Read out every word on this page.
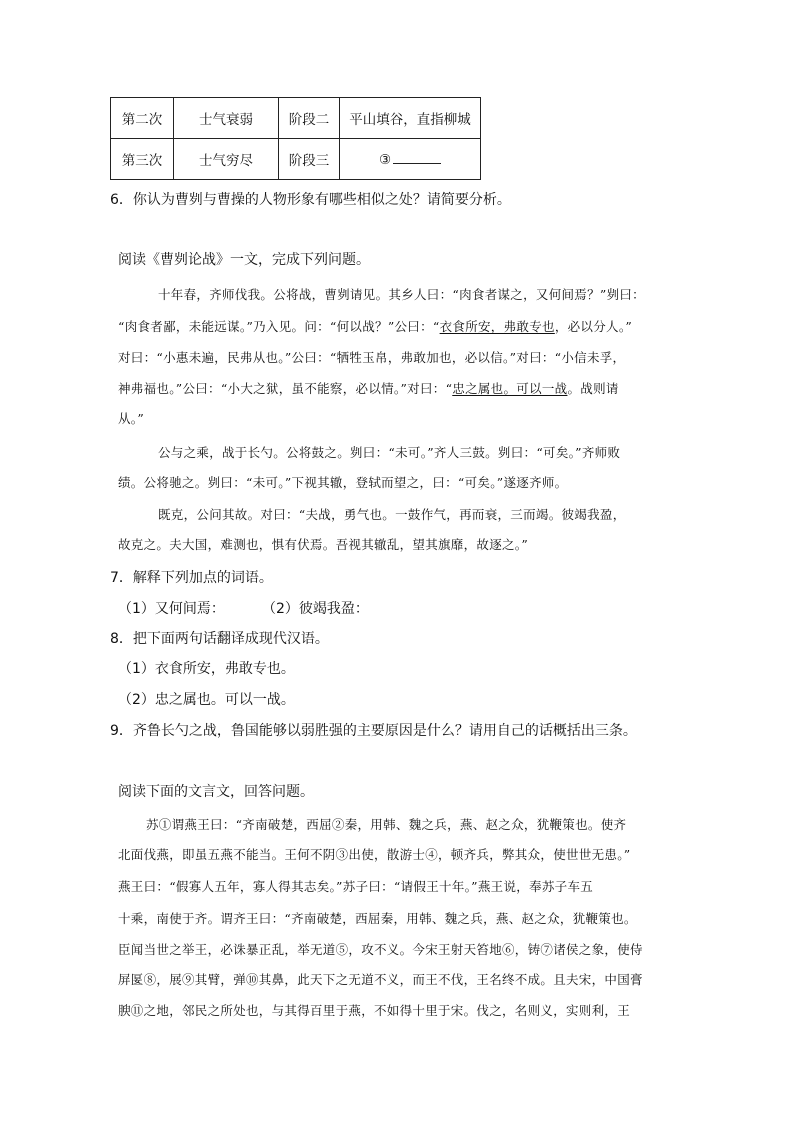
第二次	士气衰弱	阶段二	平山填谷，直指柳城
第三次	士气穷尽	阶段三	③
6．你认为曹刿与曹操的人物形象有哪些相似之处？请简要分析。
阅读《曹刿论战》一文，完成下列问题。
十年春，齐师伐我。公将战，曹刿请见。其乡人曰：“肉食者谋之，又何间焉？”刿曰：
“肉食者鄙，未能远谋。”乃入见。问：“何以战？”公曰：“衣食所安，弗敢专也，必以分人。”
对曰：“小惠未遍，民弗从也。”公曰：“牺牲玉帛，弗敢加也，必以信。”对曰：“小信未孚，
神弗福也。”公曰：“小大之狱，虽不能察，必以情。”对曰：“忠之属也。可以一战。战则请
从。”
公与之乘，战于长勺。公将鼓之。刿曰：“未可。”齐人三鼓。刿曰：“可矣。”齐师败
绩。公将驰之。刿曰：“未可。”下视其辙，登轼而望之，曰：“可矣。”遂逐齐师。
既克，公问其故。对曰：“夫战，勇气也。一鼓作气，再而衰，三而竭。彼竭我盈，
故克之。夫大国，难测也，惧有伏焉。吾视其辙乱，望其旗靡，故逐之。”
7．解释下列加点的词语。
（1）又何间焉：	（2）彼竭我盈：
8．把下面两句话翻译成现代汉语。
（1）衣食所安，弗敢专也。
（2）忠之属也。可以一战。
9．齐鲁长勺之战，鲁国能够以弱胜强的主要原因是什么？请用自己的话概括出三条。
阅读下面的文言文，回答问题。
苏①谓燕王曰：“齐南破楚，西屈②秦，用韩、魏之兵，燕、赵之众，犹鞭策也。使齐
北面伐燕，即虽五燕不能当。王何不阴③出使，散游士④，顿齐兵，弊其众，使世世无患。”
燕王曰：“假寡人五年，寡人得其志矣。”苏子曰：“请假王十年。”燕王说，奉苏子车五
十乘，南使于齐。谓齐王曰：“齐南破楚，西屈秦，用韩、魏之兵，燕、赵之众，犹鞭策也。
臣闻当世之举王，必诛暴正乱，举无道⑤，攻不义。今宋王射天笞地⑥，铸⑦诸侯之象，使侍
屏匽⑧，展⑨其臂，弹⑩其鼻，此天下之无道不义，而王不伐，王名终不成。且夫宋，中国膏
腴⑪之地，邻民之所处也，与其得百里于燕，不如得十里于宋。伐之，名则义，实则利，王
